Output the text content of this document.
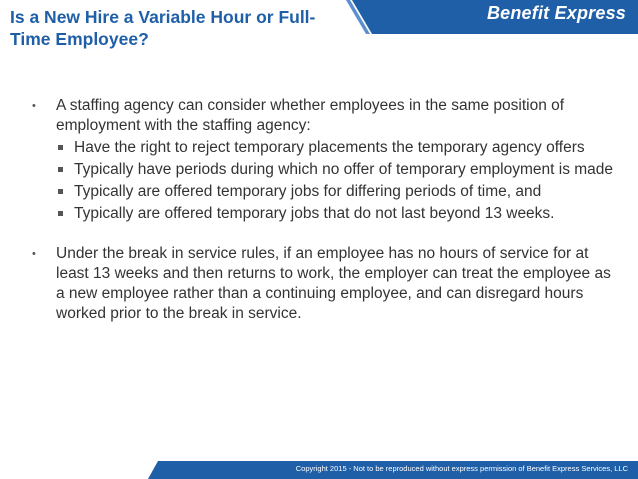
Benefit Express
Is a New Hire a Variable Hour or Full-Time Employee?
• A staffing agency can consider whether employees in the same position of employment with the staffing agency:
Have the right to reject temporary placements the temporary agency offers
Typically have periods during which no offer of temporary employment is made
Typically are offered temporary jobs for differing periods of time, and
Typically are offered temporary jobs that do not last beyond 13 weeks.
• Under the break in service rules, if an employee has no hours of service for at least 13 weeks and then returns to work, the employer can treat the employee as a new employee rather than a continuing employee, and can disregard hours worked prior to the break in service.
Copyright 2015 - Not to be reproduced without express permission of Benefit Express Services, LLC
